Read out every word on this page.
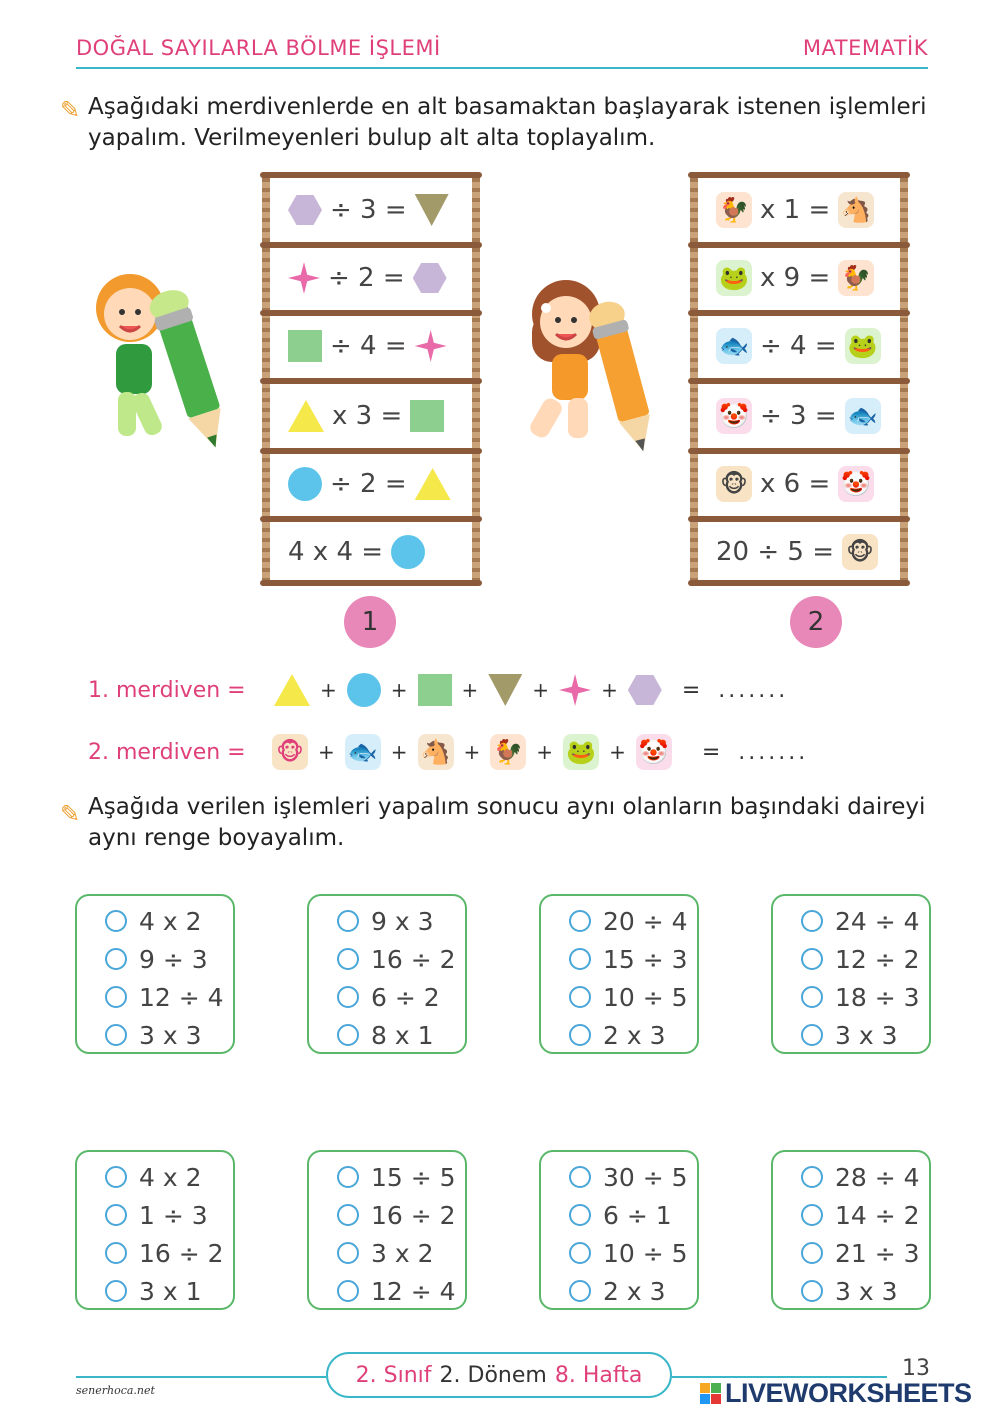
DOĞAL SAYILARLA BÖLME İŞLEMİ	MATEMATİK
✎ Aşağıdaki merdivenlerde en alt basamaktan başlayarak istenen işlemleri yapalım. Verilmeyenleri bulup alt alta toplayalım.
÷ 3 =
÷ 2 =
÷ 4 =
x 3 =
÷ 2 =
4 x 4 =
🐓 x 1 = 🐴
🐸 x 9 = 🐓
🐟 ÷ 4 = 🐸
🤡 ÷ 3 = 🐟
🐵 x 6 = 🤡
20 ÷ 5 = 🐵
1	2
1. merdiven =	+	+	+	+	+	= .......
2. merdiven =	🐵 + 🐟 + 🐴 + 🐓 + 🐸 + 🤡 = .......
✎ Aşağıda verilen işlemleri yapalım sonucu aynı olanların başındaki daireyi aynı renge boyayalım.
4 x 2
9 ÷ 3
12 ÷ 4
3 x 3
9 x 3
16 ÷ 2
6 ÷ 2
8 x 1
20 ÷ 4
15 ÷ 3
10 ÷ 5
2 x 3
24 ÷ 4
12 ÷ 2
18 ÷ 3
3 x 3
4 x 2
1 ÷ 3
16 ÷ 2
3 x 1
15 ÷ 5
16 ÷ 2
3 x 2
12 ÷ 4
30 ÷ 5
6 ÷ 1
10 ÷ 5
2 x 3
28 ÷ 4
14 ÷ 2
21 ÷ 3
3 x 3
2. Sınıf 2. Dönem 8. Hafta
senerhoca.net
13
LIVEWORKSHEETS
